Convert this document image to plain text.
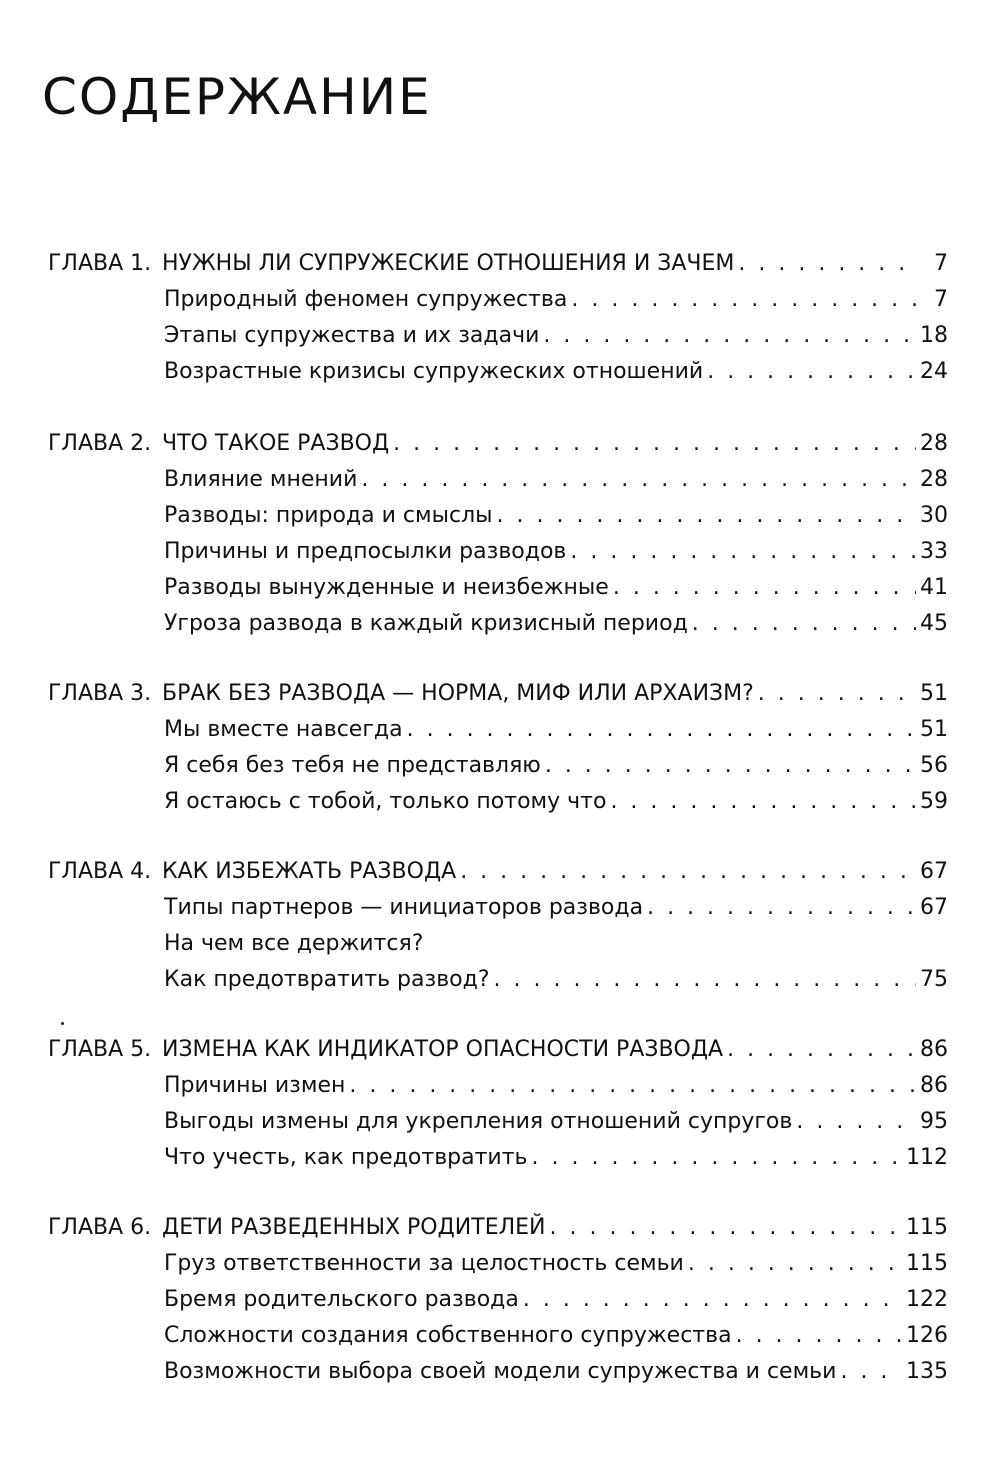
СОДЕРЖАНИЕ
ГЛАВА 1. НУЖНЫ ЛИ СУПРУЖЕСКИЕ ОТНОШЕНИЯ И ЗАЧЕМ . . .	7
Природный феномен супружества . . .	7
Этапы супружества и их задачи . . .	18
Возрастные кризисы супружеских отношений . . .	24
ГЛАВА 2. ЧТО ТАКОЕ РАЗВОД . . .	28
Влияние мнений . . .	28
Разводы: природа и смыслы . . .	30
Причины и предпосылки разводов . . .	33
Разводы вынужденные и неизбежные . . .	41
Угроза развода в каждый кризисный период . . .	45
ГЛАВА 3. БРАК БЕЗ РАЗВОДА — НОРМА, МИФ ИЛИ АРХАИЗМ? . . .	51
Мы вместе навсегда . . .	51
Я себя без тебя не представляю . . .	56
Я остаюсь с тобой, только потому что . . .	59
ГЛАВА 4. КАК ИЗБЕЖАТЬ РАЗВОДА . . .	67
Типы партнеров — инициаторов развода . . .	67
На чем все держится?
Как предотвратить развод? . . .	75
ГЛАВА 5. ИЗМЕНА КАК ИНДИКАТОР ОПАСНОСТИ РАЗВОДА . . .	86
Причины измен . . .	86
Выгоды измены для укрепления отношений супругов . . .	95
Что учесть, как предотвратить . . .	112
ГЛАВА 6. ДЕТИ РАЗВЕДЕННЫХ РОДИТЕЛЕЙ . . .	115
Груз ответственности за целостность семьи . . .	115
Бремя родительского развода . . .	122
Сложности создания собственного супружества . . .	126
Возможности выбора своей модели супружества и семьи . . .	135
